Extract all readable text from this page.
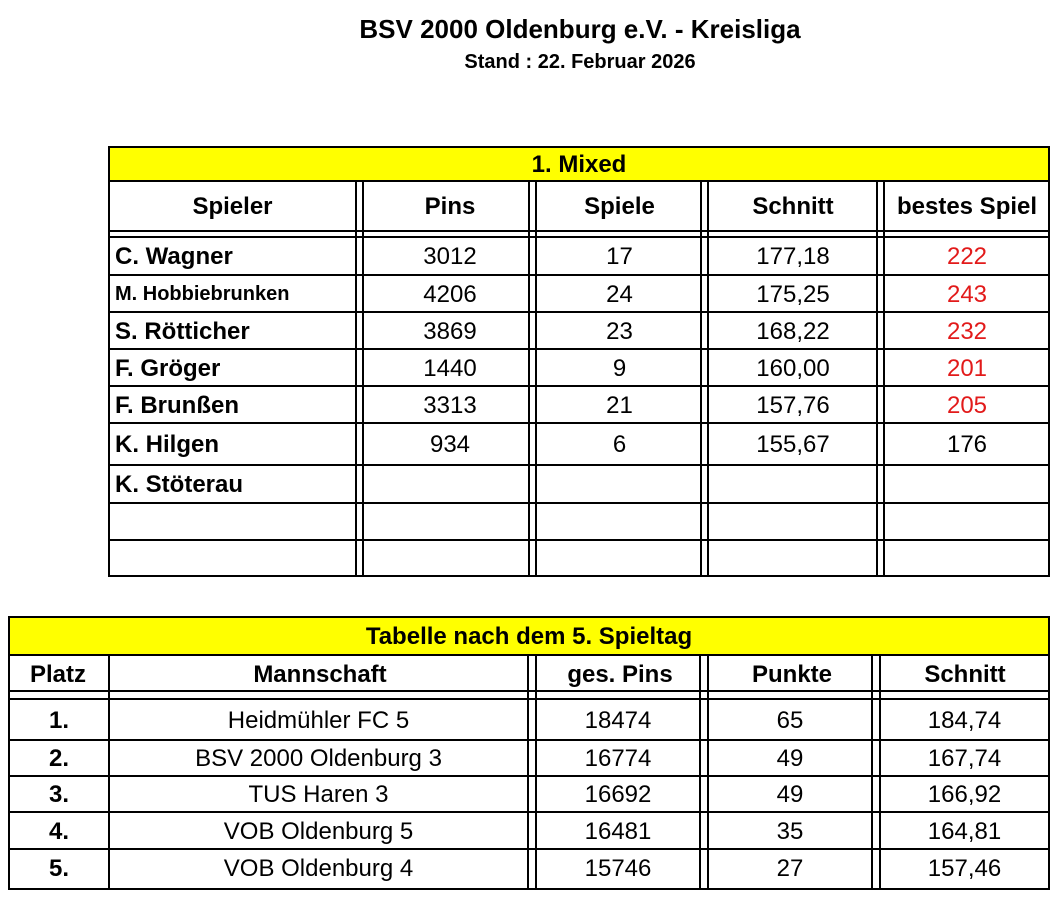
BSV 2000 Oldenburg e.V. - Kreisliga
Stand : 22. Februar 2026
1. Mixed
Spieler	Pins	Spiele	Schnitt	bestes Spiel
C. Wagner	3012	17	177,18	222
M. Hobbiebrunken	4206	24	175,25	243
S. Rötticher	3869	23	168,22	232
F. Gröger	1440	9	160,00	201
F. Brunßen	3313	21	157,76	205
K. Hilgen	934	6	155,67	176
K. Stöterau
Tabelle nach dem 5. Spieltag
Platz	Mannschaft	ges. Pins	Punkte	Schnitt
1.	Heidmühler FC 5	18474	65	184,74
2.	BSV 2000 Oldenburg 3	16774	49	167,74
3.	TUS Haren 3	16692	49	166,92
4.	VOB Oldenburg 5	16481	35	164,81
5.	VOB Oldenburg 4	15746	27	157,46
